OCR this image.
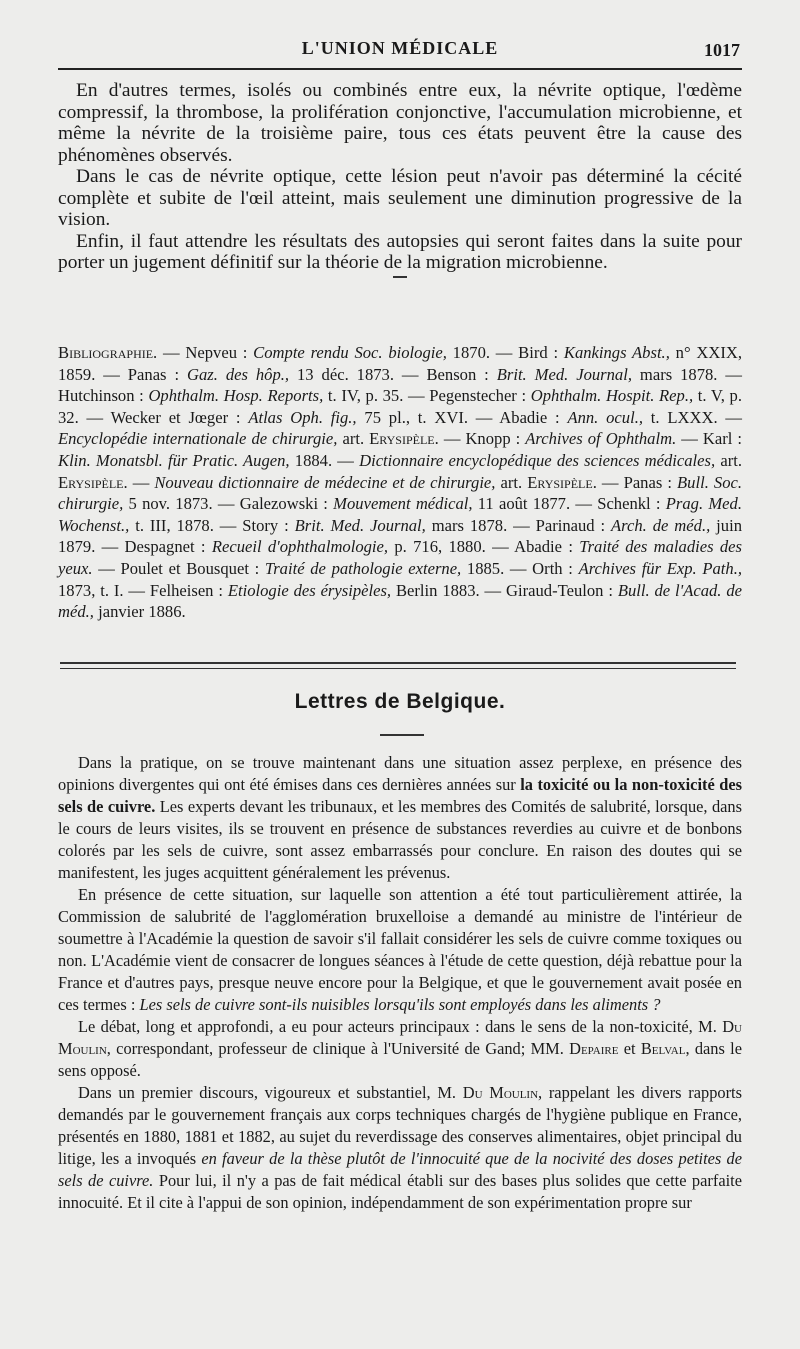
L'UNION MÉDICALE	1017

En d'autres termes, isolés ou combinés entre eux, la névrite optique, l'œdème compressif, la thrombose, la prolifération conjonctive, l'accumulation microbienne, et même la névrite de la troisième paire, tous ces états peuvent être la cause des phénomènes observés.

Dans le cas de névrite optique, cette lésion peut n'avoir pas déterminé la cécité complète et subite de l'œil atteint, mais seulement une diminution progressive de la vision.

Enfin, il faut attendre les résultats des autopsies qui seront faites dans la suite pour porter un jugement définitif sur la théorie de la migration microbienne.

Bibliographie. — Nepveu : Compte rendu Soc. biologie, 1870. — Bird : Kankings Abst., n° XXIX, 1859. — Panas : Gaz. des hôp., 13 déc. 1873. — Benson : Brit. Med. Journal, mars 1878. — Hutchinson : Ophthalm. Hosp. Reports, t. IV, p. 35. — Pegenstecher : Ophthalm. Hospit. Rep., t. V, p. 32. — Wecker et Jœger : Atlas Oph. fig., 75 pl., t. XVI. — Abadie : Ann. ocul., t. LXXX. — Encyclopédie internationale de chirurgie, art. Erysipèle. — Knopp : Archives of Ophthalm. — Karl : Klin. Monatsbl. für Pratic. Augen, 1884. — Dictionnaire encyclopédique des sciences médicales, art. Erysipèle. — Nouveau dictionnaire de médecine et de chirurgie, art. Erysipèle. — Panas : Bull. Soc. chirurgie, 5 nov. 1873. — Galezowski : Mouvement médical, 11 août 1877. — Schenkl : Prag. Med. Wochenst., t. III, 1878. — Story : Brit. Med. Journal, mars 1878. — Parinaud : Arch. de méd., juin 1879. — Despagnet : Recueil d'ophthalmologie, p. 716, 1880. — Abadie : Traité des maladies des yeux. — Poulet et Bousquet : Traité de pathologie externe, 1885. — Orth : Archives für Exp. Path., 1873, t. I. — Felheisen : Etiologie des érysipèles, Berlin 1883. — Giraud-Teulon : Bull. de l'Acad. de méd., janvier 1886.

Lettres de Belgique.

Dans la pratique, on se trouve maintenant dans une situation assez perplexe, en présence des opinions divergentes qui ont été émises dans ces dernières années sur la toxicité ou la non-toxicité des sels de cuivre. Les experts devant les tribunaux, et les membres des Comités de salubrité, lorsque, dans le cours de leurs visites, ils se trouvent en présence de substances reverdies au cuivre et de bonbons colorés par les sels de cuivre, sont assez embarrassés pour conclure. En raison des doutes qui se manifestent, les juges acquittent généralement les prévenus.

En présence de cette situation, sur laquelle son attention a été tout particulièrement attirée, la Commission de salubrité de l'agglomération bruxelloise a demandé au ministre de l'intérieur de soumettre à l'Académie la question de savoir s'il fallait considérer les sels de cuivre comme toxiques ou non. L'Académie vient de consacrer de longues séances à l'étude de cette question, déjà rebattue pour la France et d'autres pays, presque neuve encore pour la Belgique, et que le gouvernement avait posée en ces termes : Les sels de cuivre sont-ils nuisibles lorsqu'ils sont employés dans les aliments ?

Le débat, long et approfondi, a eu pour acteurs principaux : dans le sens de la non-toxicité, M. Du Moulin, correspondant, professeur de clinique à l'Université de Gand; MM. Depaire et Belval, dans le sens opposé.

Dans un premier discours, vigoureux et substantiel, M. Du Moulin, rappelant les divers rapports demandés par le gouvernement français aux corps techniques chargés de l'hygiène publique en France, présentés en 1880, 1881 et 1882, au sujet du reverdissage des conserves alimentaires, objet principal du litige, les a invoqués en faveur de la thèse plutôt de l'innocuité que de la nocivité des doses petites de sels de cuivre. Pour lui, il n'y a pas de fait médical établi sur des bases plus solides que cette parfaite innocuité. Et il cite à l'appui de son opinion, indépendamment de son expérimentation propre sur
